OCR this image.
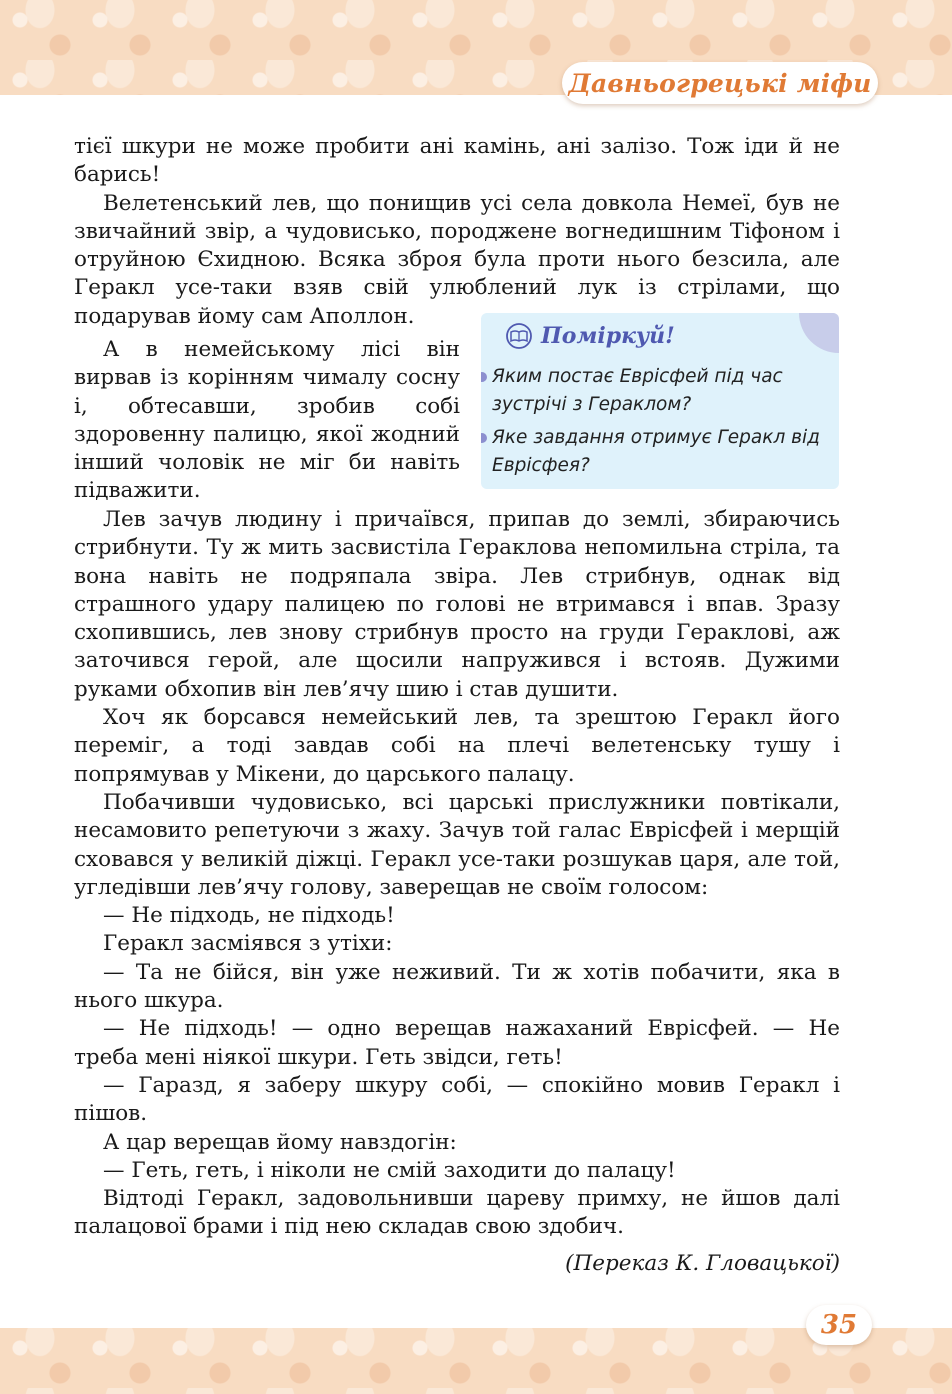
Давньогрецькі міфи

тієї шкури не може пробити ані камінь, ані залізо. Тож іди й не барись!

Велетенський лев, що понищив усі села довкола Немеї, був не звичайний звір, а чудовисько, породжене вогнедишним Тіфоном і отруйною Єхидною. Всяка зброя була проти нього безсила, але Геракл усе-таки взяв свій улюблений лук із стрілами, що подарував йому сам Аполлон.

А в немейському лісі він вирвав із корінням чималу сосну і, обтесавши, зробив собі здоровенну палицю, якої жодний інший чоловік не міг би навіть підважити.

Поміркуй!
Яким постає Еврісфей під час зустрічі з Гераклом?
Яке завдання отримує Геракл від Еврісфея?

Лев зачув людину і причаївся, припав до землі, збираючись стрибнути. Ту ж мить засвистіла Гераклова непомильна стріла, та вона навіть не подряпала звіра. Лев стрибнув, однак від страшного удару палицею по голові не втримався і впав. Зразу схопившись, лев знову стрибнув просто на груди Гераклові, аж заточився герой, але щосили напружився і встояв. Дужими руками обхопив він лев’ячу шию і став душити.

Хоч як борсався немейський лев, та зрештою Геракл його переміг, а тоді завдав собі на плечі велетенську тушу і попрямував у Мікени, до царського палацу.

Побачивши чудовисько, всі царські прислужники повтікали, несамовито репетуючи з жаху. Зачув той галас Еврісфей і мерщій сховався у великій діжці. Геракл усе-таки розшукав царя, але той, угледівши лев’ячу голову, заверещав не своїм голосом:

— Не підходь, не підходь!

Геракл засміявся з утіхи:

— Та не бійся, він уже неживий. Ти ж хотів побачити, яка в нього шкура.

— Не підходь! — одно верещав нажаханий Еврісфей. — Не треба мені ніякої шкури. Геть звідси, геть!

— Гаразд, я заберу шкуру собі, — спокійно мовив Геракл і пішов.

А цар верещав йому навздогін:

— Геть, геть, і ніколи не смій заходити до палацу!

Відтоді Геракл, задовольнивши цареву примху, не йшов далі палацової брами і під нею складав свою здобич.

(Переказ К. Гловацької)
35
